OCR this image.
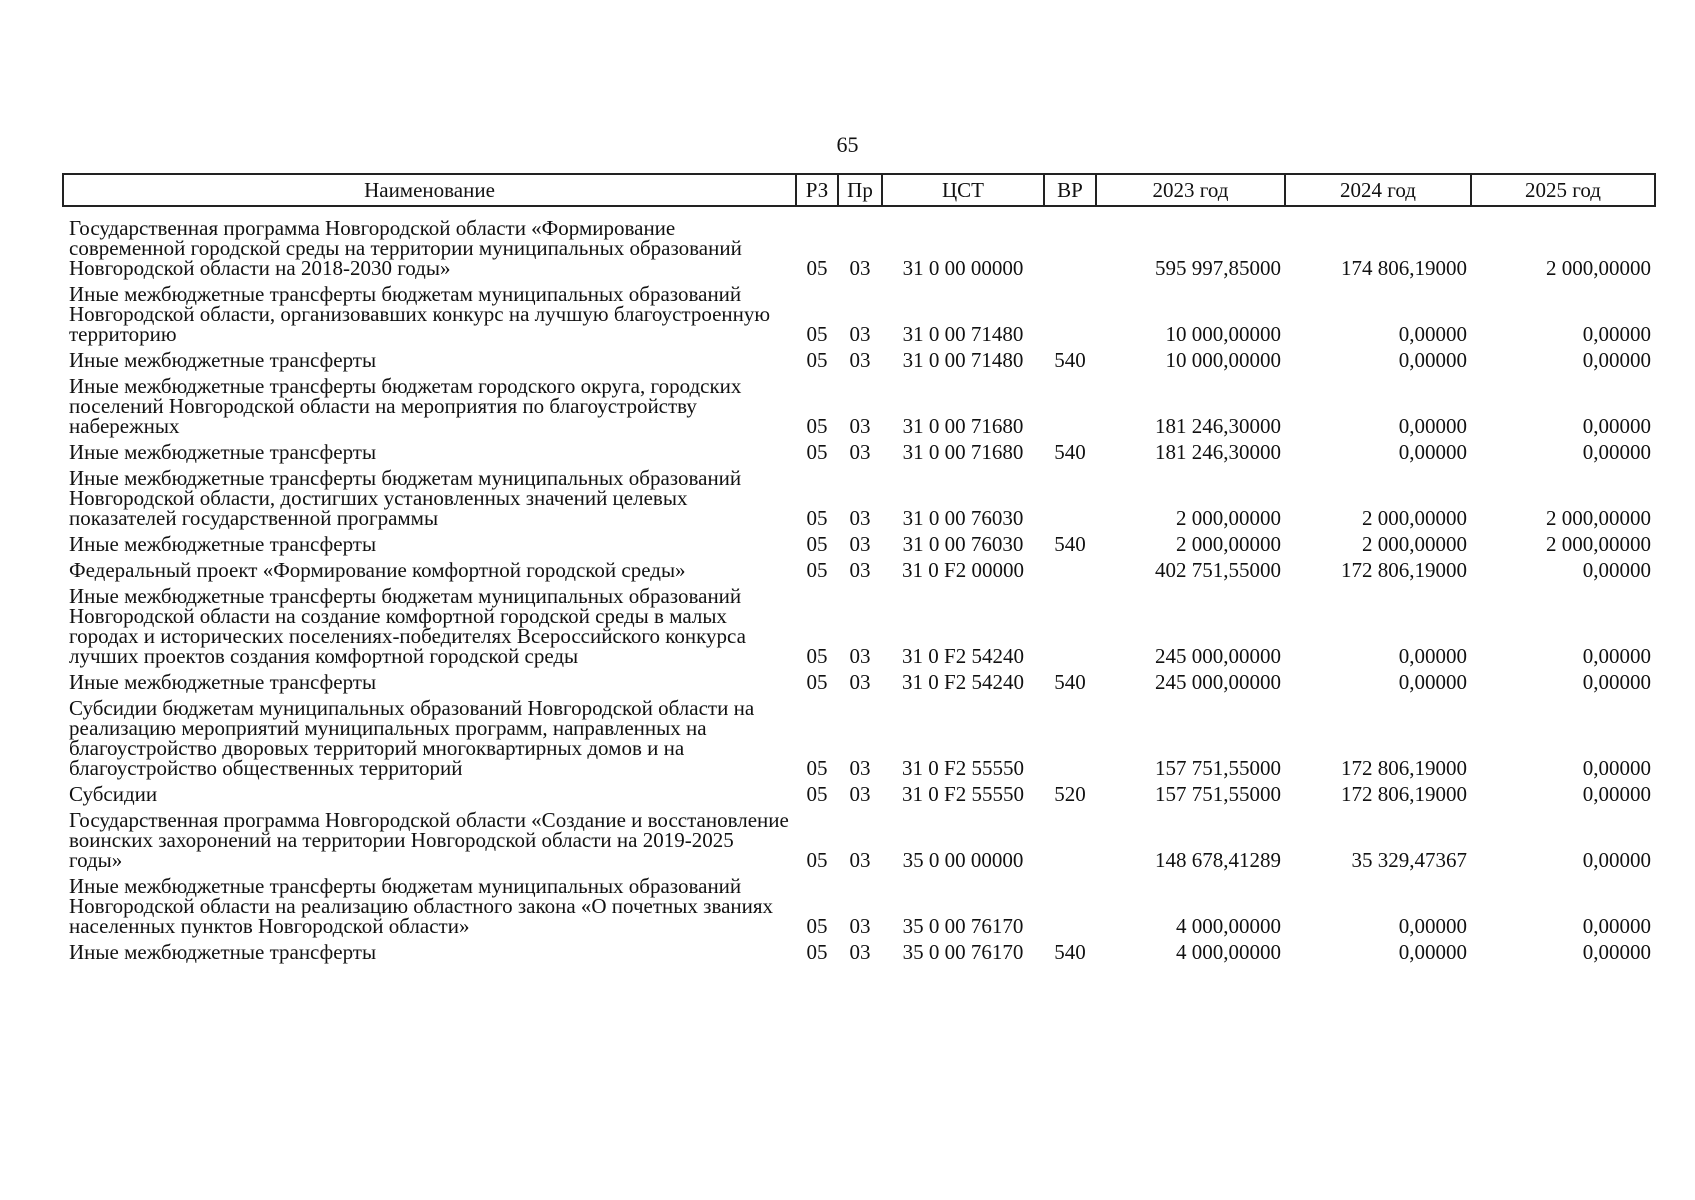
65
Наименование	РЗ	Пр	ЦСТ	ВР	2023 год	2024 год	2025 год

Государственная программа Новгородской области «Формирование современной городской среды на территории муниципальных образований Новгородской области на 2018-2030 годы»	05	03	31 0 00 00000		595 997,85000	174 806,19000	2 000,00000
Иные межбюджетные трансферты бюджетам муниципальных образований Новгородской области, организовавших конкурс на лучшую благоустроенную территорию	05	03	31 0 00 71480		10 000,00000	0,00000	0,00000
Иные межбюджетные трансферты	05	03	31 0 00 71480	540	10 000,00000	0,00000	0,00000
Иные межбюджетные трансферты бюджетам городского округа, городских поселений Новгородской области на мероприятия по благоустройству набережных	05	03	31 0 00 71680		181 246,30000	0,00000	0,00000
Иные межбюджетные трансферты	05	03	31 0 00 71680	540	181 246,30000	0,00000	0,00000
Иные межбюджетные трансферты бюджетам муниципальных образований Новгородской области, достигших установленных значений целевых показателей государственной программы	05	03	31 0 00 76030		2 000,00000	2 000,00000	2 000,00000
Иные межбюджетные трансферты	05	03	31 0 00 76030	540	2 000,00000	2 000,00000	2 000,00000
Федеральный проект «Формирование комфортной городской среды»	05	03	31 0 F2 00000		402 751,55000	172 806,19000	0,00000
Иные межбюджетные трансферты бюджетам муниципальных образований Новгородской области на создание комфортной городской среды в малых городах и исторических поселениях-победителях Всероссийского конкурса лучших проектов создания комфортной городской среды	05	03	31 0 F2 54240		245 000,00000	0,00000	0,00000
Иные межбюджетные трансферты	05	03	31 0 F2 54240	540	245 000,00000	0,00000	0,00000
Субсидии бюджетам муниципальных образований Новгородской области на реализацию мероприятий муниципальных программ, направленных на благоустройство дворовых территорий многоквартирных домов и на благоустройство общественных территорий	05	03	31 0 F2 55550		157 751,55000	172 806,19000	0,00000
Субсидии	05	03	31 0 F2 55550	520	157 751,55000	172 806,19000	0,00000
Государственная программа Новгородской области «Создание и восстановление воинских захоронений на территории Новгородской области на 2019-2025 годы»	05	03	35 0 00 00000		148 678,41289	35 329,47367	0,00000
Иные межбюджетные трансферты бюджетам муниципальных образований Новгородской области на реализацию областного закона «О почетных званиях населенных пунктов Новгородской области»	05	03	35 0 00 76170		4 000,00000	0,00000	0,00000
Иные межбюджетные трансферты	05	03	35 0 00 76170	540	4 000,00000	0,00000	0,00000
